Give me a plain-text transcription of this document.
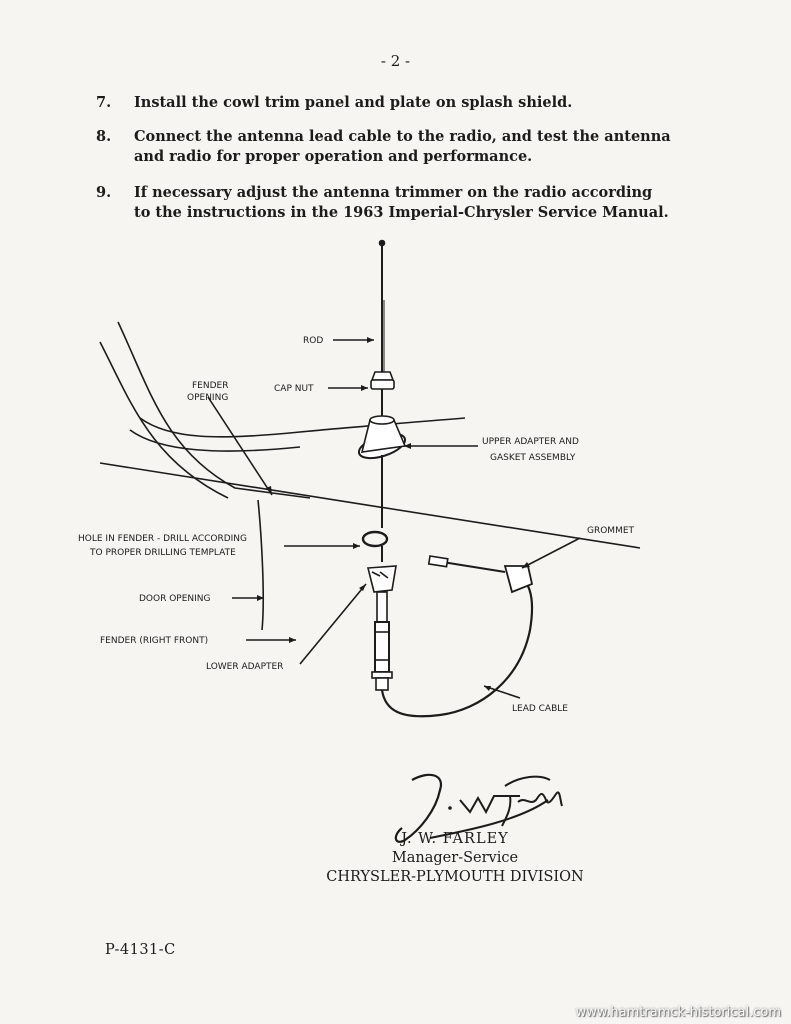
- 2 -
7. Install the cowl trim panel and plate on splash shield.
8. Connect the antenna lead cable to the radio, and test the antenna
and radio for proper operation and performance.
9. If necessary adjust the antenna trimmer on the radio according
to the instructions in the 1963 Imperial-Chrysler Service Manual.
ROD
FENDER
OPENING
CAP NUT
UPPER ADAPTER AND
GASKET ASSEMBLY
GROMMET
HOLE IN FENDER - DRILL ACCORDING
TO PROPER DRILLING TEMPLATE
DOOR OPENING
FENDER (RIGHT FRONT)
LOWER ADAPTER
LEAD CABLE
J. W. FARLEY
Manager-Service
CHRYSLER-PLYMOUTH DIVISION
P-4131-C
www.hamtramck-historical.com
